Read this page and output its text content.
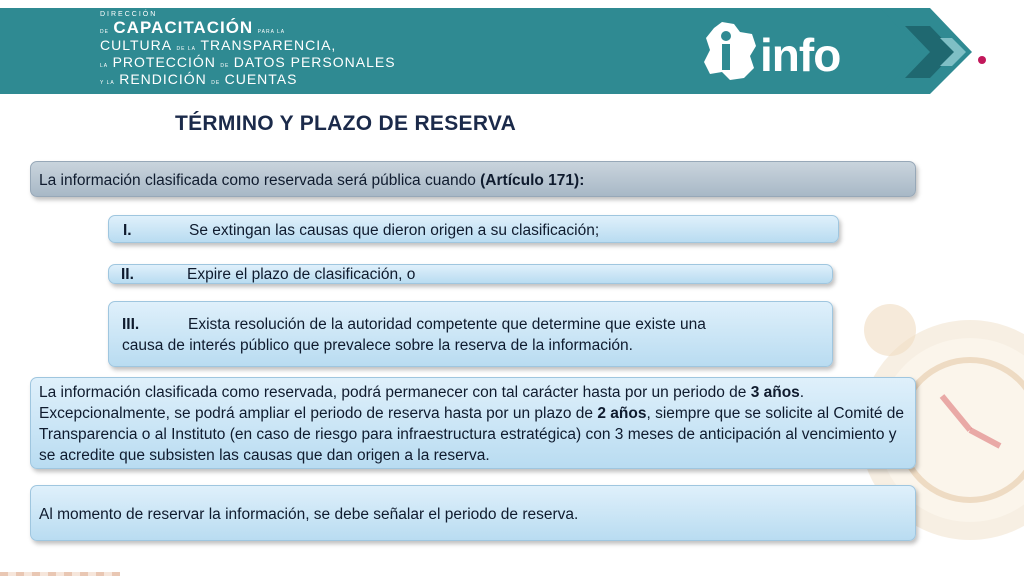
DIRECCIÓN
DE CAPACITACIÓN PARA LA
CULTURA DE LA TRANSPARENCIA,
LA PROTECCIÓN DE DATOS PERSONALES
Y LA RENDICIÓN DE CUENTAS	info
TÉRMINO Y PLAZO DE RESERVA
La información clasificada como reservada será pública cuando (Artículo 171):
I.	Se extingan las causas que dieron origen a su clasificación;
II.	Expire el plazo de clasificación, o
III.	Exista resolución de la autoridad competente que determine que existe una
causa de interés público que prevalece sobre la reserva de la información.
La información clasificada como reservada, podrá permanecer con tal carácter hasta por un periodo de 3 años. Excepcionalmente, se podrá ampliar el periodo de reserva hasta por un plazo de 2 años, siempre que se solicite al Comité de Transparencia o al Instituto (en caso de riesgo para infraestructura estratégica) con 3 meses de anticipación al vencimiento y se acredite que subsisten las causas que dan origen a la reserva.
Al momento de reservar la información, se debe señalar el periodo de reserva.
